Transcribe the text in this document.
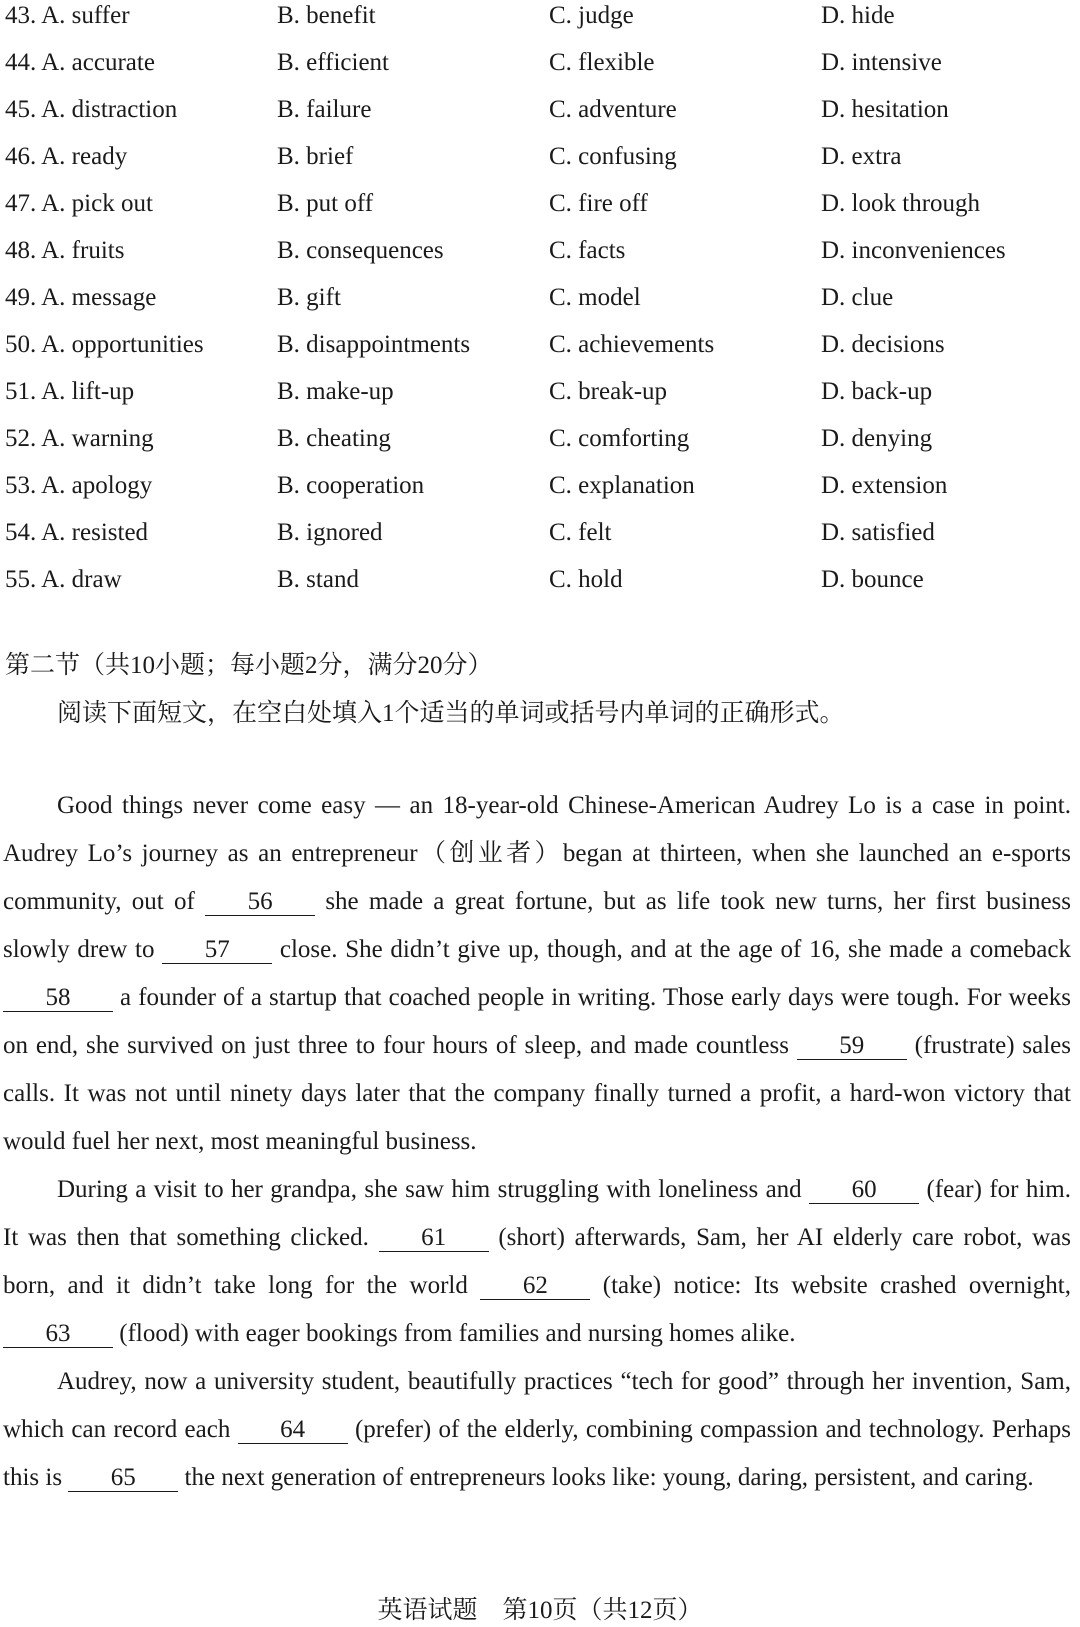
43. A. suffer	B. benefit	C. judge	D. hide
44. A. accurate	B. efficient	C. flexible	D. intensive
45. A. distraction	B. failure	C. adventure	D. hesitation
46. A. ready	B. brief	C. confusing	D. extra
47. A. pick out	B. put off	C. fire off	D. look through
48. A. fruits	B. consequences	C. facts	D. inconveniences
49. A. message	B. gift	C. model	D. clue
50. A. opportunities	B. disappointments	C. achievements	D. decisions
51. A. lift-up	B. make-up	C. break-up	D. back-up
52. A. warning	B. cheating	C. comforting	D. denying
53. A. apology	B. cooperation	C. explanation	D. extension
54. A. resisted	B. ignored	C. felt	D. satisfied
55. A. draw	B. stand	C. hold	D. bounce
第二节（共10小题；每小题2分，满分20分）
阅读下面短文，在空白处填入1个适当的单词或括号内单词的正确形式。

Good things never come easy — an 18-year-old Chinese-American Audrey Lo is a case in point. Audrey Lo’s journey as an entrepreneur（创业者）began at thirteen, when she launched an e-sports community, out of 56 she made a great fortune, but as life took new turns, her first business slowly drew to 57 close. She didn’t give up, though, and at the age of 16, she made a comeback 58 a founder of a startup that coached people in writing. Those early days were tough. For weeks on end, she survived on just three to four hours of sleep, and made countless 59 (frustrate) sales calls. It was not until ninety days later that the company finally turned a profit, a hard-won victory that would fuel her next, most meaningful business.

During a visit to her grandpa, she saw him struggling with loneliness and 60 (fear) for him. It was then that something clicked. 61 (short) afterwards, Sam, her AI elderly care robot, was born, and it didn’t take long for the world 62 (take) notice: Its website crashed overnight, 63 (flood) with eager bookings from families and nursing homes alike.

Audrey, now a university student, beautifully practices “tech for good” through her invention, Sam, which can record each 64 (prefer) of the elderly, combining compassion and technology. Perhaps this is 65 the next generation of entrepreneurs looks like: young, daring, persistent, and caring.

英语试题　第10页（共12页）
